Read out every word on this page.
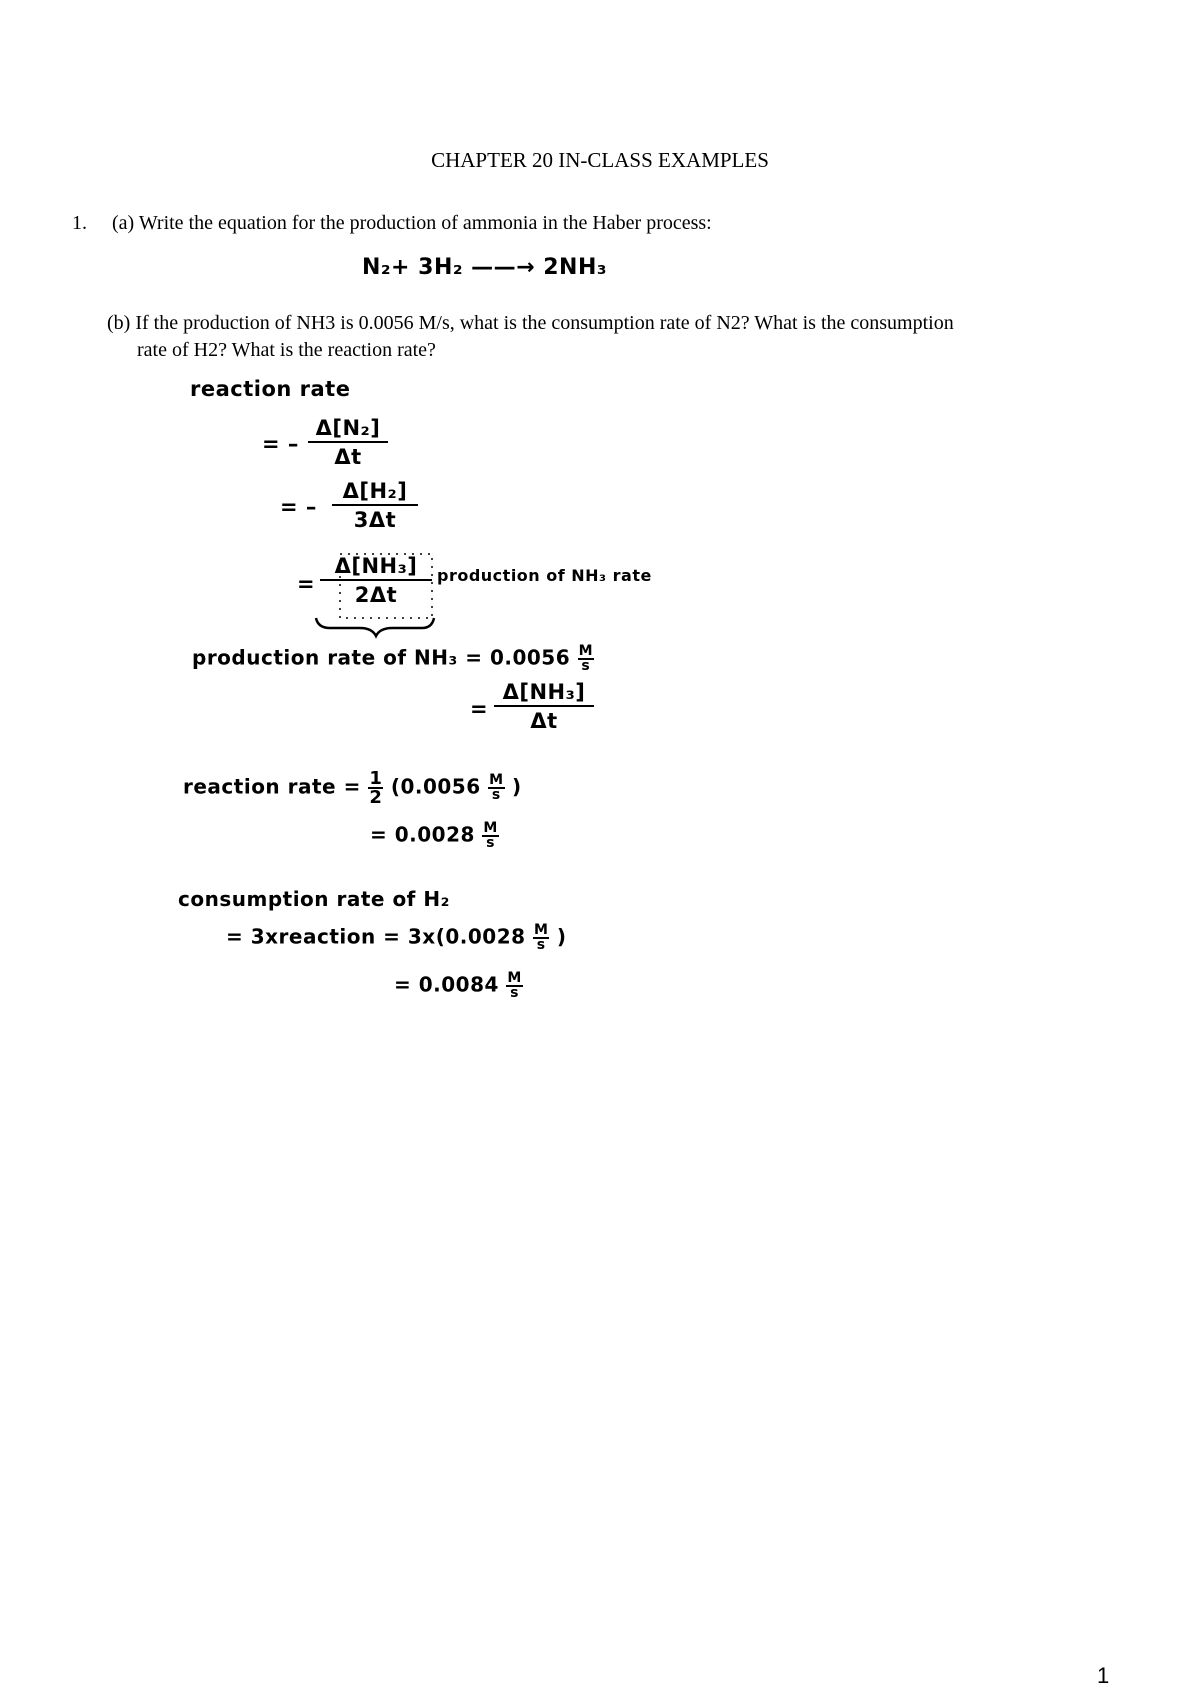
CHAPTER 20 IN-CLASS EXAMPLES
1. (a) Write the equation for the production of ammonia in the Haber process:
(b) If the production of NH3 is 0.0056 M/s, what is the consumption rate of N2? What is the consumption
rate of H2? What is the reaction rate?
N₂+ 3H₂ ——→ 2NH₃
reaction rate
= – $\frac{\text{Δ[N₂]}}{\Delta t}$
= – $\frac{\text{Δ[H₂]}}{3\Delta t}$
= $\frac{\text{Δ[NH₃]}}{2\Delta t}$ production of NH₃ rate
production rate of $NH_3 = 0.0056 \frac{M}{s}$
= $\frac{\text{Δ[NH₃]}}{\Delta t}$
reaction rate = $\frac{1}{2} (0.0056 \frac{M}{s}$ )
= $0.0028 \frac{M}{s}$
consumption rate of H₂
= 3xreaction = $3x(0.0028 \frac{M}{s}$ )
= $0.0084 \frac{M}{s}$
1
